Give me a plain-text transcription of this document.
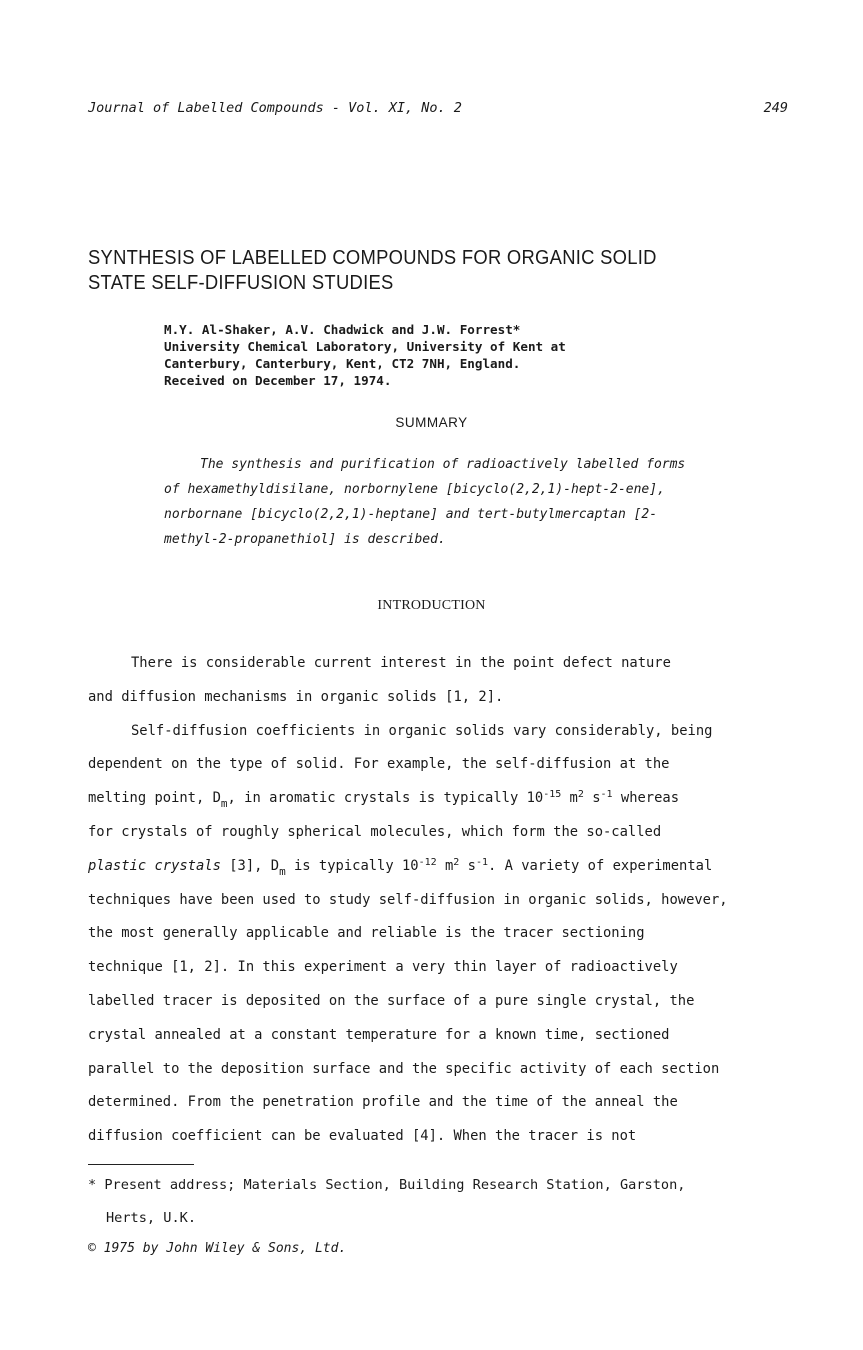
Journal of Labelled Compounds - Vol. XI, No. 2	249
SYNTHESIS OF LABELLED COMPOUNDS FOR ORGANIC SOLID
STATE SELF-DIFFUSION STUDIES
M.Y. Al-Shaker, A.V. Chadwick and J.W. Forrest*
University Chemical Laboratory, University of Kent at
Canterbury, Canterbury, Kent, CT2 7NH, England.
Received on December 17, 1974.
SUMMARY
The synthesis and purification of radioactively labelled forms
of hexamethyldisilane, norbornylene [bicyclo(2,2,1)-hept-2-ene],
norbornane [bicyclo(2,2,1)-heptane] and tert-butylmercaptan [2-
methyl-2-propanethiol] is described.
INTRODUCTION

There is considerable current interest in the point defect nature
and diffusion mechanisms in organic solids [1, 2].

Self-diffusion coefficients in organic solids vary considerably, being
dependent on the type of solid. For example, the self-diffusion at the
melting point, $D_m$, in aromatic crystals is typically $10^{-15}$ $m^2$ $s^{-1}$ whereas
for crystals of roughly spherical molecules, which form the so-called
plastic crystals [3], $D_m$ is typically $10^{-12}$ $m^2$ $s^{-1}$. A variety of experimental
techniques have been used to study self-diffusion in organic solids, however,
the most generally applicable and reliable is the tracer sectioning
technique [1, 2]. In this experiment a very thin layer of radioactively
labelled tracer is deposited on the surface of a pure single crystal, the
crystal annealed at a constant temperature for a known time, sectioned
parallel to the deposition surface and the specific activity of each section
determined. From the penetration profile and the time of the anneal the
diffusion coefficient can be evaluated [4]. When the tracer is not

* Present address; Materials Section, Building Research Station, Garston,
Herts, U.K.
© 1975 by John Wiley & Sons, Ltd.
